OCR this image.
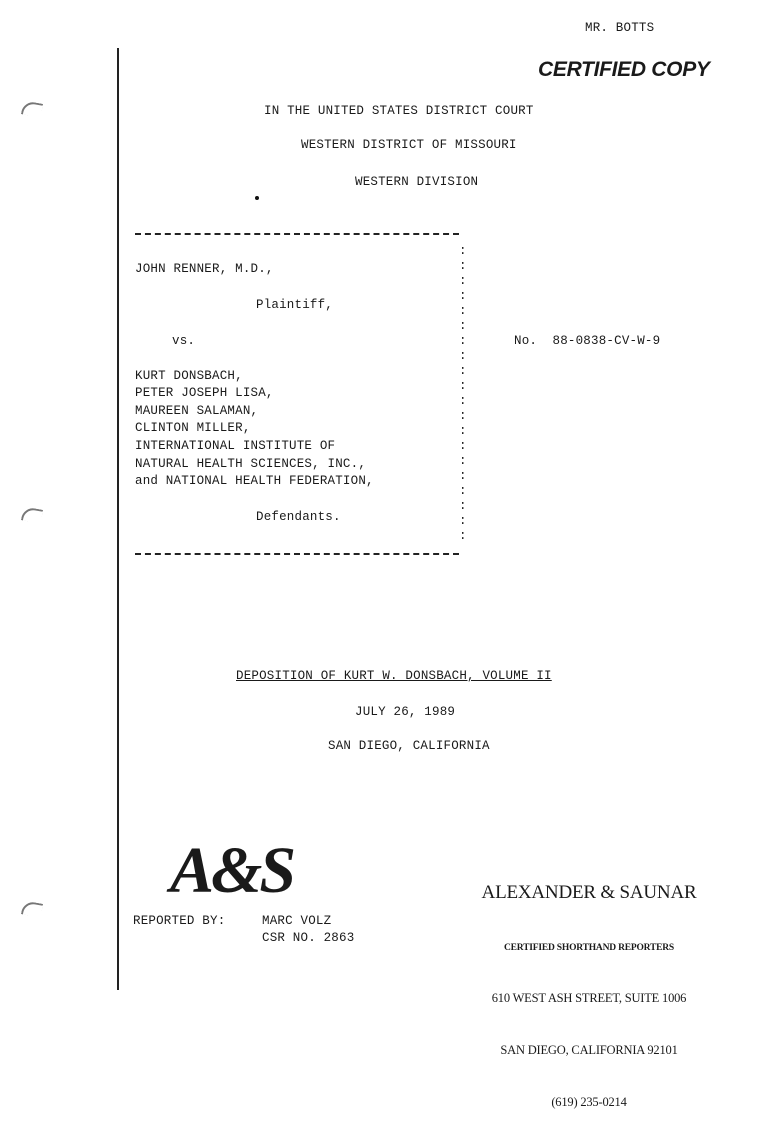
MR. BOTTS
CERTIFIED COPY
IN THE UNITED STATES DISTRICT COURT
WESTERN DISTRICT OF MISSOURI
WESTERN DIVISION
:
:
:
:
:
:
:
:
:
:
:
:
:
:
:
:
:
:
:
:
JOHN RENNER, M.D.,
Plaintiff,
vs.	No.  88-0838-CV-W-9
KURT DONSBACH,
PETER JOSEPH LISA,
MAUREEN SALAMAN,
CLINTON MILLER,
INTERNATIONAL INSTITUTE OF
NATURAL HEALTH SCIENCES, INC.,
and NATIONAL HEALTH FEDERATION,
Defendants.
DEPOSITION OF KURT W. DONSBACH, VOLUME II
JULY 26, 1989
SAN DIEGO, CALIFORNIA
A&S
REPORTED BY:	MARC VOLZ
CSR NO. 2863

ALEXANDER & SAUNAR

CERTIFIED SHORTHAND REPORTERS

610 WEST ASH STREET, SUITE 1006

SAN DIEGO, CALIFORNIA 92101

(619) 235-0214
